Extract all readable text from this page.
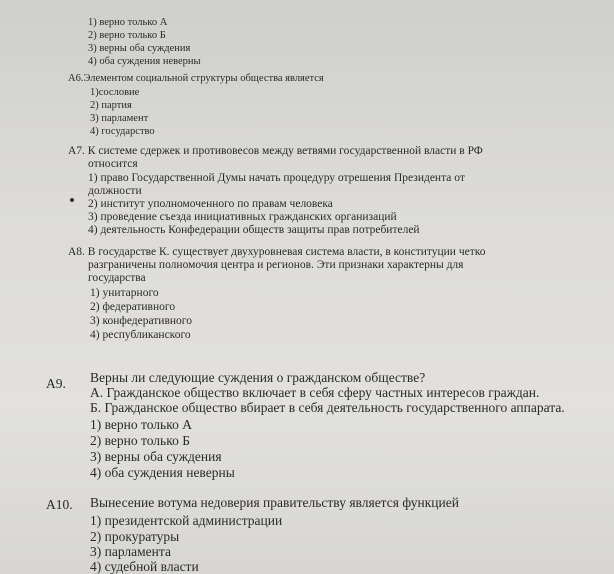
1) верно только А
2) верно только Б
3) верны оба суждения
4) оба суждения неверны
А6.Элементом социальной структуры общества является
1)сословие
2) партия
3) парламент
4) государство
А7. К системе сдержек и противовесов между ветвями государственной власти в РФ
относится
1) право Государственной Думы начать процедуру отрешения Президента от
должности
2) институт уполномоченного по правам человека
3) проведение съезда инициативных гражданских организаций
4) деятельность Конфедерации обществ защиты прав потребителей
А8. В государстве К. существует двухуровневая система власти, в конституции четко
разграничены полномочия центра и регионов. Эти признаки характерны для
государства
1) унитарного
2) федеративного
3) конфедеративного
4) республиканского
А9. Верны ли следующие суждения о гражданском обществе?
А. Гражданское общество включает в себя сферу частных интересов граждан.
Б. Гражданское общество вбирает в себя деятельность государственного аппарата.
1) верно только А
2) верно только Б
3) верны оба суждения
4) оба суждения неверны
А10. Вынесение вотума недоверия правительству является функцией
1) президентской администрации
2) прокуратуры
3) парламента
4) судебной власти
